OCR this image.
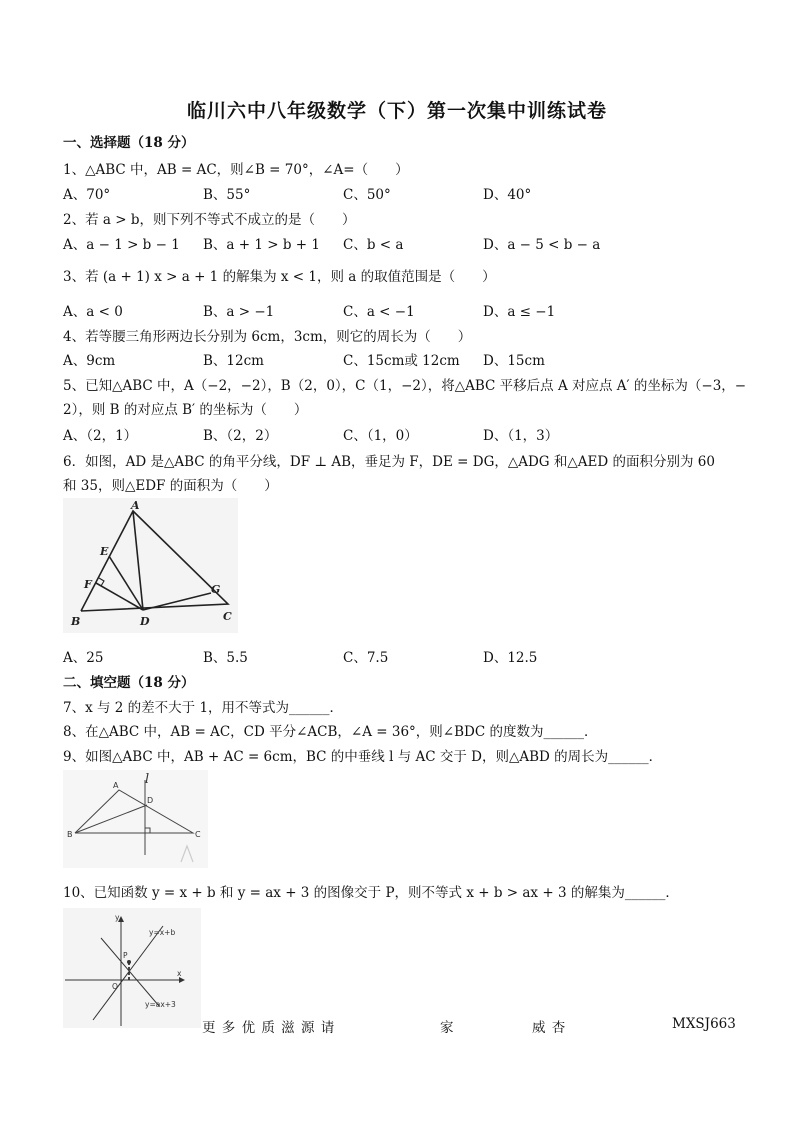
临川六中八年级数学（下）第一次集中训练试卷
一、选择题（18 分）
1、△ABC 中，AB = AC，则∠B = 70°，∠A=（　　）
A、70°	B、55°	C、50°	D、40°
2、若 a > b，则下列不等式不成立的是（　　）
A、a − 1 > b − 1 B、a + 1 > b + 1 C、b < a	D、a − 5 < b − a
3、若 (a + 1) x > a + 1 的解集为 x < 1，则 a 的取值范围是（　　）
A、a < 0	B、a > −1	C、a < −1	D、a ≤ −1
4、若等腰三角形两边长分别为 6cm，3cm，则它的周长为（　　）
A、9cm	B、12cm	C、15cm或 12cm D、15cm
5、已知△ABC 中，A（−2，−2），B（2，0），C（1，−2），将△ABC 平移后点 A 对应点 A′ 的坐标为（−3，−
2），则 B 的对应点 B′ 的坐标为（　　）
A、（2，1）	B、（2，2）	C、（1，0）	D、（1，3）
6．如图，AD 是△ABC 的角平分线，DF ⊥ AB，垂足为 F，DE = DG，△ADG 和△AED 的面积分别为 60
和 35，则△EDF 的面积为（　　）
A
E
F	G
B	D	C
A、25	B、5.5	C、7.5	D、12.5
二、填空题（18 分）
7、x 与 2 的差不大于 1，用不等式为______．
8、在△ABC 中，AB = AC，CD 平分∠ACB，∠A = 36°，则∠BDC 的度数为______．
9、如图△ABC 中，AB + AC = 6cm，BC 的中垂线 l 与 AC 交于 D，则△ABD 的周长为______．
A l
D
B	C
10、已知函数 y = x + b 和 y = ax + 3 的图像交于 P，则不等式 x + b > ax + 3 的解集为______．
y
y=x+b
P
x
O
y=ax+3
更 多 优 质 滋 源 请	家	威 杏	MXSJ663
